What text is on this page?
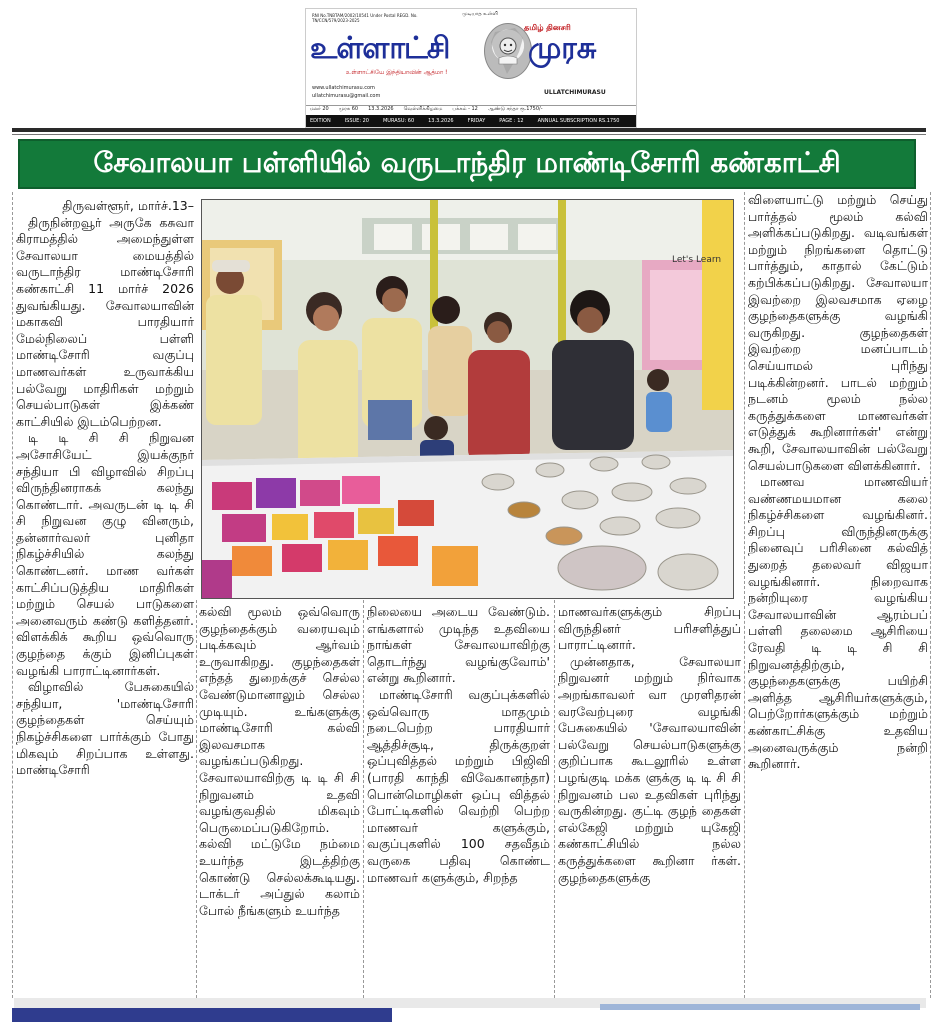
RNI No.TNBTAM/2002/10541 Under Postal REGD. No. TN/CCN/579/2023-2025
முடியாத உள்ளி
தமிழ் தினசரி
உள்ளாட்சி	முரசு
உள்ளாட்சியே இந்தியாவின் ஆத்மா !
www.ullatchimurasu.com
ullatchimurasu@gmail.com	ULLATCHIMURASU
மலர் 20 முரசு 60 13.3.2026 வெள்ளிக்கிழமை பக்கம் - 12 ஆண்டு சந்தா ரூ.1750/-
EDITION	ISSUE: 20	MURASU: 60	13.3.2026	FRIDAY	PAGE : 12	ANNUAL SUBSCRIPTION RS.1750
சேவாலயா பள்ளியில் வருடாந்திர மாண்டிசோரி கண்காட்சி

திருவள்ளூர், மார்ச்.13–

திருநின்றவூர் அருகே கசுவா கிராமத்தில் அமைந்துள்ள சேவாலயா மையத்தில் வருடாந்திர மாண்டிசோரி கண்காட்சி 11 மார்ச் 2026 துவங்கியது. சேவாலயாவின் மகாகவி பாரதியார் மேல்நிலைப் பள்ளி மாண்டிசோரி வகுப்பு மாணவர்கள் உருவாக்கிய பல்வேறு மாதிரிகள் மற்றும் செயல்பாடுகள் இக்கண் காட்சியில் இடம்பெற்றன.

டி டி சி சி நிறுவன அசோசியேட் இயக்குநர் சந்தியா பி விழாவில் சிறப்பு விருந்தினராகக் கலந்து கொண்டார். அவருடன் டி டி சி சி நிறுவன குழு வினரும், தன்னார்வலர் புனிதா நிகழ்ச்சியில் கலந்து கொண்டனர். மாண வர்கள் காட்சிப்படுத்திய மாதிரிகள் மற்றும் செயல் பாடுகளை அனைவரும் கண்டு களித்தனர். விளக்கிக் கூறிய ஒவ்வொரு குழந்தை க்கும் இனிப்புகள் வழங்கி பாராட்டினார்கள்.

விழாவில் பேசுகையில் சந்தியா, 'மாண்டிசோரி குழந்தைகள் செய்யும் நிகழ்ச்சிகளை பார்க்கும் போது மிகவும் சிறப்பாக உள்ளது. மாண்டிசோரி

Let's Learn

கல்வி மூலம் ஒவ்வொரு குழந்தைக்கும் வரையவும் படிக்கவும் ஆர்வம் உருவாகிறது. குழந்தைகள் எந்தத் துறைக்குச் செல்ல வேண்டுமானாலும் செல்ல முடியும். உங்களுக்கு மாண்டிசோரி கல்வி இலவசமாக வழங்கப்படுகிறது. சேவாலயாவிற்கு டி டி சி சி நிறுவனம் உதவி வழங்குவதில் மிகவும் பெருமைப்படுகிறோம். கல்வி மட்டுமே நம்மை உயர்ந்த இடத்திற்கு கொண்டு செல்லக்கூடியது. டாக்டர் அப்துல் கலாம் போல் நீங்களும் உயர்ந்த

நிலையை அடைய வேண்டும். எங்களால் முடிந்த உதவியை நாங்கள் சேவாலயாவிற்கு தொடர்ந்து வழங்குவோம்' என்று கூறினார்.

மாண்டிசோரி வகுப்புக்களில் ஒவ்வொரு மாதமும் நடைபெற்ற பாரதியார் ஆத்திச்சூடி, திருக்குறள் ஒப்புவித்தல் மற்றும் பிஜிவி (பாரதி காந்தி விவேகானந்தா) பொன்மொழிகள் ஒப்பு வித்தல் போட்டிகளில் வெற்றி பெற்ற மாணவர் களுக்கும், வகுப்புகளில் 100 சதவீதம் வருகை பதிவு கொண்ட மாணவர் களுக்கும், சிறந்த

மாணவர்களுக்கும் சிறப்பு விருந்தினர் பரிசளித்துப் பாராட்டினார்.

முன்னதாக, சேவாலயா நிறுவனர் மற்றும் நிர்வாக அறங்காவலர் வா முரளிதரன் வரவேற்புரை வழங்கி பேசுகையில் 'சேவாலயாவின் பல்வேறு செயல்பாடுகளுக்கு குறிப்பாக கூடலூரில் உள்ள பழங்குடி மக்க ளுக்கு டி டி சி சி நிறுவனம் பல உதவிகள் புரிந்து வருகின்றது. குட்டி குழந் தைகள் எல்கேஜி மற்றும் யுகேஜி கண்காட்சியில் நல்ல கருத்துக்களை கூறினா ர்கள். குழந்தைகளுக்கு

விளையாட்டு மற்றும் செய்து பார்த்தல் மூலம் கல்வி அளிக்கப்படுகிறது. வடிவங்கள் மற்றும் நிறங்களை தொட்டு பார்த்தும், காதால் கேட்டும் கற்பிக்கப்படுகிறது. சேவாலயா இவற்றை இலவசமாக ஏழை குழந்தைகளுக்கு வழங்கி வருகிறது. குழந்தைகள் இவற்றை மனப்பாடம் செய்யாமல் புரிந்து படிக்கின்றனர். பாடல் மற்றும் நடனம் மூலம் நல்ல கருத்துக்களை மாணவர்கள் எடுத்துக் கூறினார்கள்' என்று கூறி, சேவாலயாவின் பல்வேறு செயல்பாடுகளை விளக்கினார்.

மாணவ மாணவியர் வண்ணமயமான கலை நிகழ்ச்சிகளை வழங்கினர். சிறப்பு விருந்தினருக்கு நினைவுப் பரிசினை கல்வித் துறைத் தலைவர் விஜயா வழங்கினார். நிறைவாக நன்றியுரை வழங்கிய சேவாலயாவின் ஆரம்பப் பள்ளி தலைமை ஆசிரியை ரேவதி டி டி சி சி நிறுவனத்திற்கும், குழந்தைகளுக்கு பயிற்சி அளித்த ஆசிரியர்களுக்கும், பெற்றோர்களுக்கும் மற்றும் கண்காட்சிக்கு உதவிய அனைவருக்கும் நன்றி கூறினார்.
